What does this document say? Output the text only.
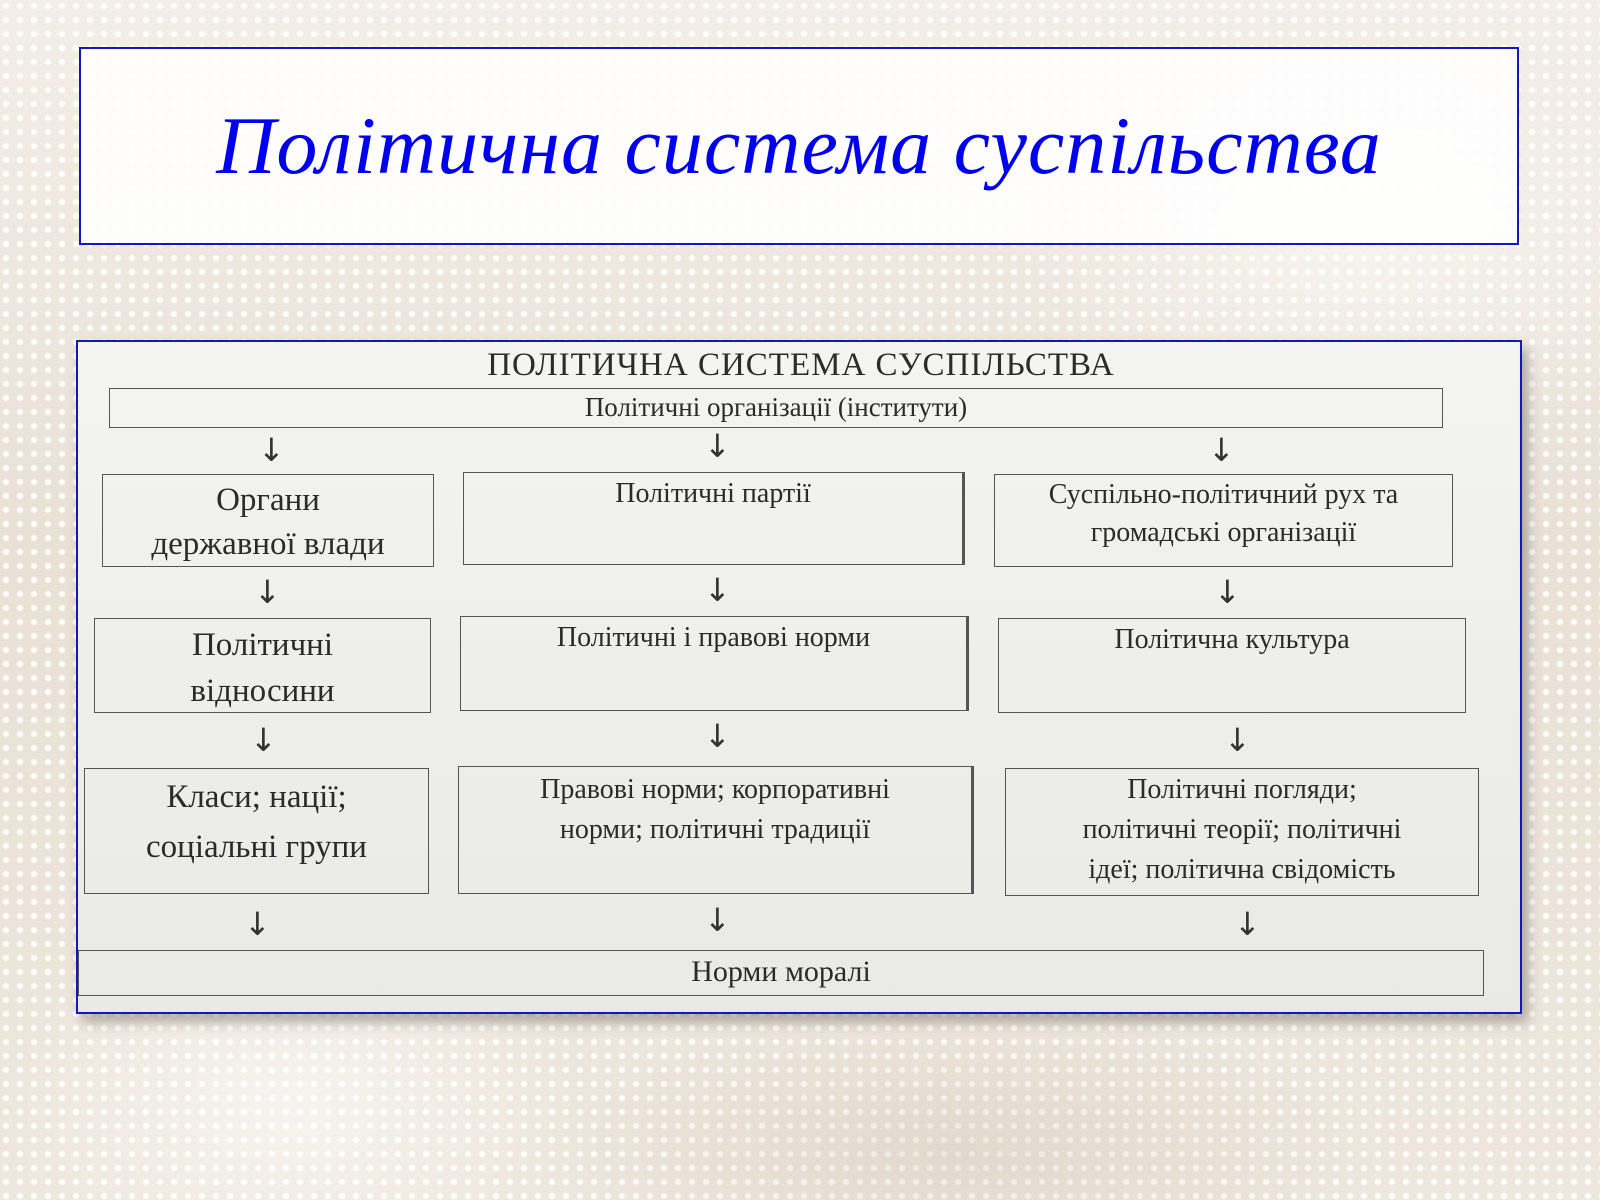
Політична система суспільства
ПОЛІТИЧНА СИСТЕМА СУСПІЛЬСТВА
Політичні організації (інститути)
↓	↓	↓
Органи
державної влади
Політичні партії	Суспільно-політичний рух та
громадські організації
↓	↓	↓
Політичні
відносини
Політичні і правові норми	Політична культура
↓	↓	↓
Класи; нації;
соціальні групи
Правові норми; корпоративні
норми; політичні традиції
Політичні погляди;
політичні теорії; політичні
ідеї; політична свідомість
↓	↓	↓
Норми моралі
